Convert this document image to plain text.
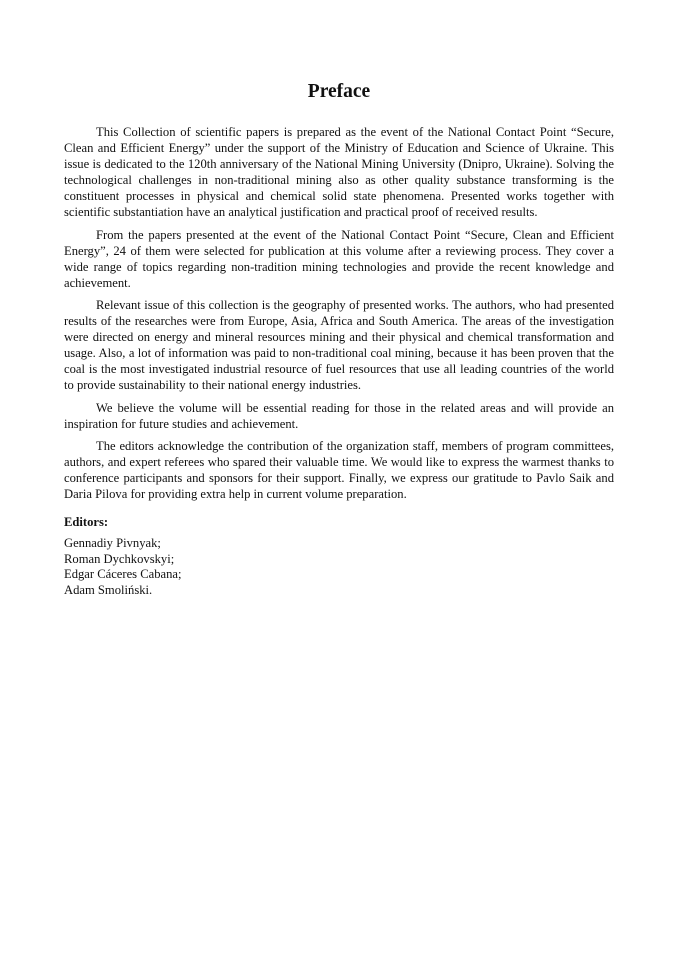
Preface

This Collection of scientific papers is prepared as the event of the National Contact Point “Secure, Clean and Efficient Energy” under the support of the Ministry of Education and Science of Ukraine. This issue is dedicated to the 120th anniversary of the National Mining University (Dnipro, Ukraine). Solving the technological challenges in non-traditional mining also as other quality substance transforming is the constituent processes in physical and chemical solid state phenomena. Presented works together with scientific substantiation have an analytical justification and practical proof of received results.

From the papers presented at the event of the National Contact Point “Secure, Clean and Efficient Energy”, 24 of them were selected for publication at this volume after a reviewing process. They cover a wide range of topics regarding non-tradition mining technologies and provide the recent knowledge and achievement.

Relevant issue of this collection is the geography of presented works. The authors, who had presented results of the researches were from Europe, Asia, Africa and South America. The areas of the investigation were directed on energy and mineral resources mining and their physical and chemical transformation and usage. Also, a lot of information was paid to non-traditional coal mining, because it has been proven that the coal is the most investigated industrial resource of fuel resources that use all leading countries of the world to provide sustainability to their national energy industries.

We believe the volume will be essential reading for those in the related areas and will provide an inspiration for future studies and achievement.

The editors acknowledge the contribution of the organization staff, members of program committees, authors, and expert referees who spared their valuable time. We would like to express the warmest thanks to conference participants and sponsors for their support. Finally, we express our gratitude to Pavlo Saik and Daria Pilova for providing extra help in current volume preparation.

Editors:
Gennadiy Pivnyak;
Roman Dychkovskyi;
Edgar Cáceres Cabana;
Adam Smoliński.
